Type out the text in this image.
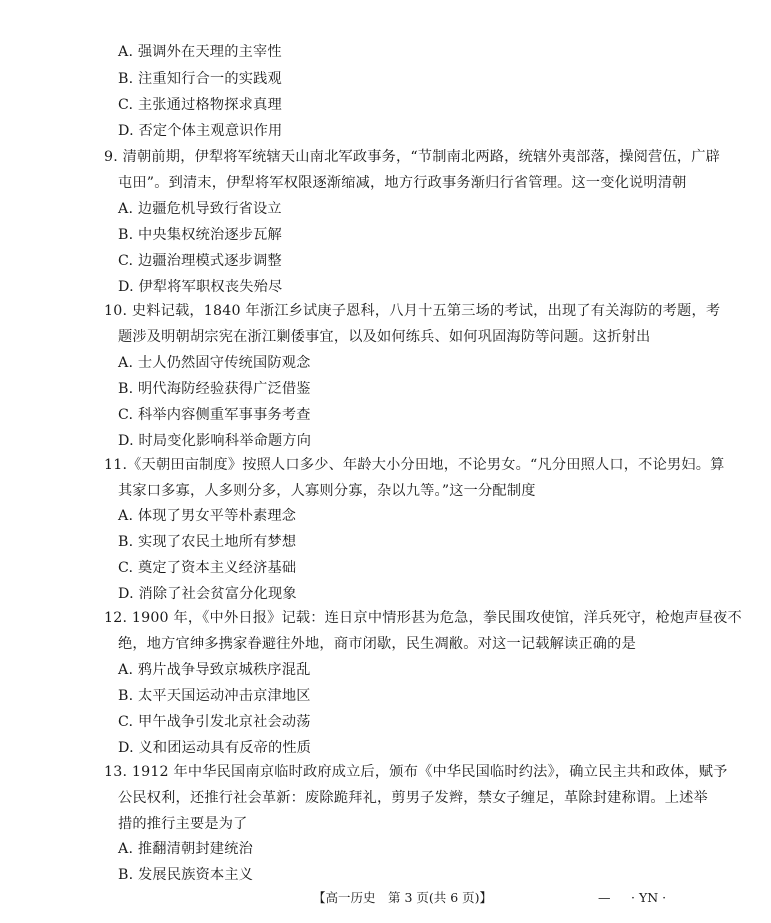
A. 强调外在天理的主宰性
B. 注重知行合一的实践观
C. 主张通过格物探求真理
D. 否定个体主观意识作用
9. 清朝前期，伊犁将军统辖天山南北军政事务，“节制南北两路，统辖外夷部落，操阅营伍，广辟
屯田”。到清末，伊犁将军权限逐渐缩减，地方行政事务渐归行省管理。这一变化说明清朝
A. 边疆危机导致行省设立
B. 中央集权统治逐步瓦解
C. 边疆治理模式逐步调整
D. 伊犁将军职权丧失殆尽
10. 史料记载，1840 年浙江乡试庚子恩科，八月十五第三场的考试，出现了有关海防的考题，考
题涉及明朝胡宗宪在浙江剿倭事宜，以及如何练兵、如何巩固海防等问题。这折射出
A. 士人仍然固守传统国防观念
B. 明代海防经验获得广泛借鉴
C. 科举内容侧重军事事务考查
D. 时局变化影响科举命题方向
11.《天朝田亩制度》按照人口多少、年龄大小分田地，不论男女。“凡分田照人口，不论男妇。算
其家口多寡，人多则分多，人寡则分寡，杂以九等。”这一分配制度
A. 体现了男女平等朴素理念
B. 实现了农民土地所有梦想
C. 奠定了资本主义经济基础
D. 消除了社会贫富分化现象
12. 1900 年，《中外日报》记载：连日京中情形甚为危急，拳民围攻使馆，洋兵死守，枪炮声昼夜不
绝，地方官绅多携家眷避往外地，商市闭歇，民生凋敝。对这一记载解读正确的是
A. 鸦片战争导致京城秩序混乱
B. 太平天国运动冲击京津地区
C. 甲午战争引发北京社会动荡
D. 义和团运动具有反帝的性质
13. 1912 年中华民国南京临时政府成立后，颁布《中华民国临时约法》，确立民主共和政体，赋予
公民权利，还推行社会革新：废除跪拜礼，剪男子发辫，禁女子缠足，革除封建称谓。上述举
措的推行主要是为了
A. 推翻清朝封建统治
B. 发展民族资本主义
【高一历史　第 3 页(共 6 页)】	— · YN ·
